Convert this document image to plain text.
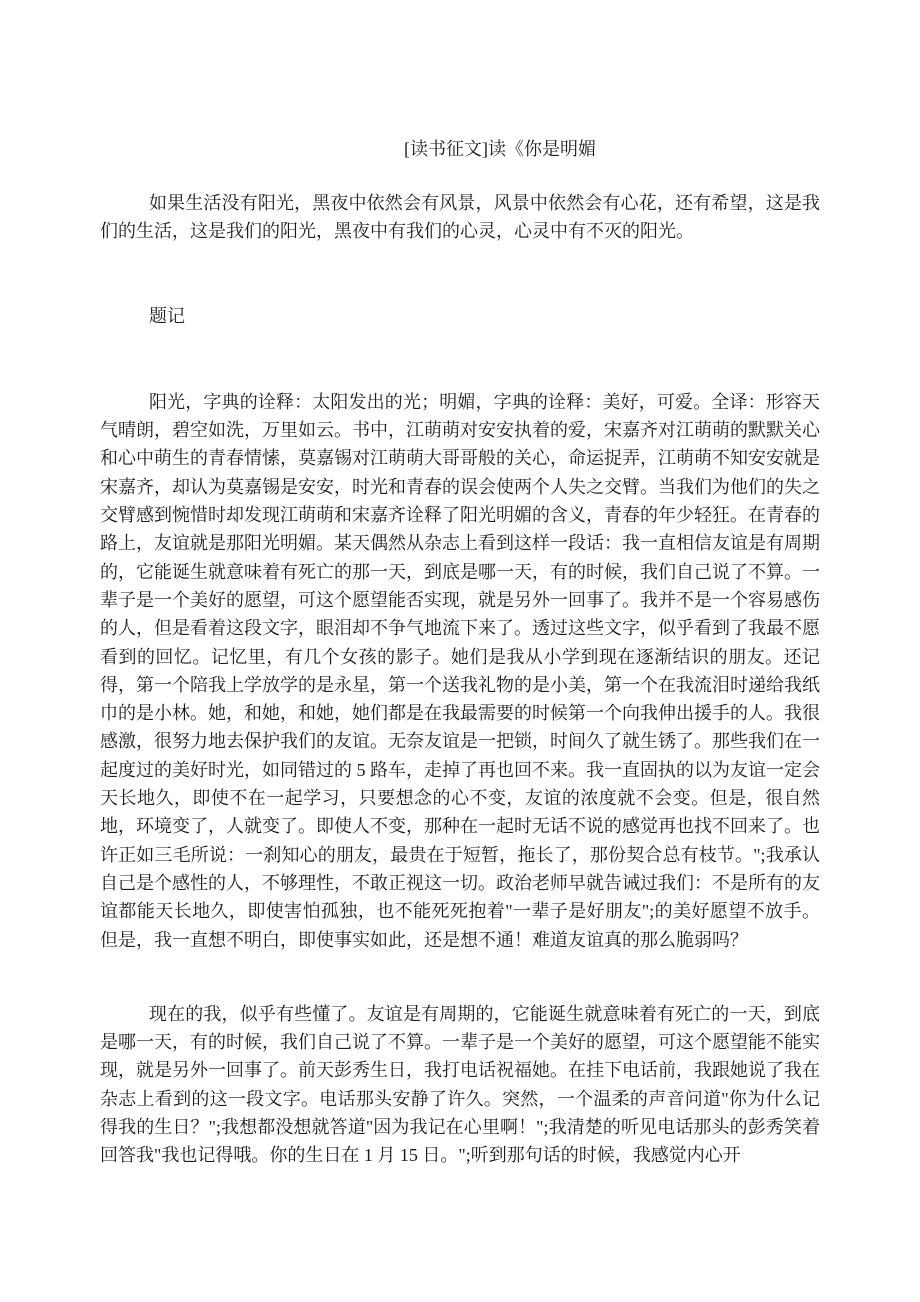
[读书征文]读《你是明媚

如果生活没有阳光，黑夜中依然会有风景，风景中依然会有心花，还有希望，这是我们的生活，这是我们的阳光，黑夜中有我们的心灵，心灵中有不灭的阳光。

题记

阳光，字典的诠释：太阳发出的光；明媚，字典的诠释：美好，可爱。全译：形容天气晴朗，碧空如洗，万里如云。书中，江萌萌对安安执着的爱，宋嘉齐对江萌萌的默默关心和心中萌生的青春情愫，莫嘉锡对江萌萌大哥哥般的关心，命运捉弄，江萌萌不知安安就是宋嘉齐，却认为莫嘉锡是安安，时光和青春的误会使两个人失之交臂。当我们为他们的失之交臂感到惋惜时却发现江萌萌和宋嘉齐诠释了阳光明媚的含义，青春的年少轻狂。在青春的路上，友谊就是那阳光明媚。某天偶然从杂志上看到这样一段话：我一直相信友谊是有周期的，它能诞生就意味着有死亡的那一天，到底是哪一天，有的时候，我们自己说了不算。一辈子是一个美好的愿望，可这个愿望能否实现，就是另外一回事了。我并不是一个容易感伤的人，但是看着这段文字，眼泪却不争气地流下来了。透过这些文字，似乎看到了我最不愿看到的回忆。记忆里，有几个女孩的影子。她们是我从小学到现在逐渐结识的朋友。还记得，第一个陪我上学放学的是永星，第一个送我礼物的是小美，第一个在我流泪时递给我纸巾的是小林。她，和她，和她，她们都是在我最需要的时候第一个向我伸出援手的人。我很感激，很努力地去保护我们的友谊。无奈友谊是一把锁，时间久了就生锈了。那些我们在一起度过的美好时光，如同错过的 5 路车，走掉了再也回不来。我一直固执的以为友谊一定会天长地久，即使不在一起学习，只要想念的心不变，友谊的浓度就不会变。但是，很自然地，环境变了，人就变了。即使人不变，那种在一起时无话不说的感觉再也找不回来了。也许正如三毛所说：一刹知心的朋友，最贵在于短暂，拖长了，那份契合总有枝节。";我承认自己是个感性的人，不够理性，不敢正视这一切。政治老师早就告诫过我们：不是所有的友谊都能天长地久，即使害怕孤独，也不能死死抱着"一辈子是好朋友";的美好愿望不放手。但是，我一直想不明白，即使事实如此，还是想不通！难道友谊真的那么脆弱吗？

现在的我，似乎有些懂了。友谊是有周期的，它能诞生就意味着有死亡的一天，到底是哪一天，有的时候，我们自己说了不算。一辈子是一个美好的愿望，可这个愿望能不能实现，就是另外一回事了。前天彭秀生日，我打电话祝福她。在挂下电话前，我跟她说了我在杂志上看到的这一段文字。电话那头安静了许久。突然，一个温柔的声音问道"你为什么记得我的生日？";我想都没想就答道"因为我记在心里啊！";我清楚的听见电话那头的彭秀笑着回答我"我也记得哦。你的生日在 1 月 15 日。";听到那句话的时候，我感觉内心开
